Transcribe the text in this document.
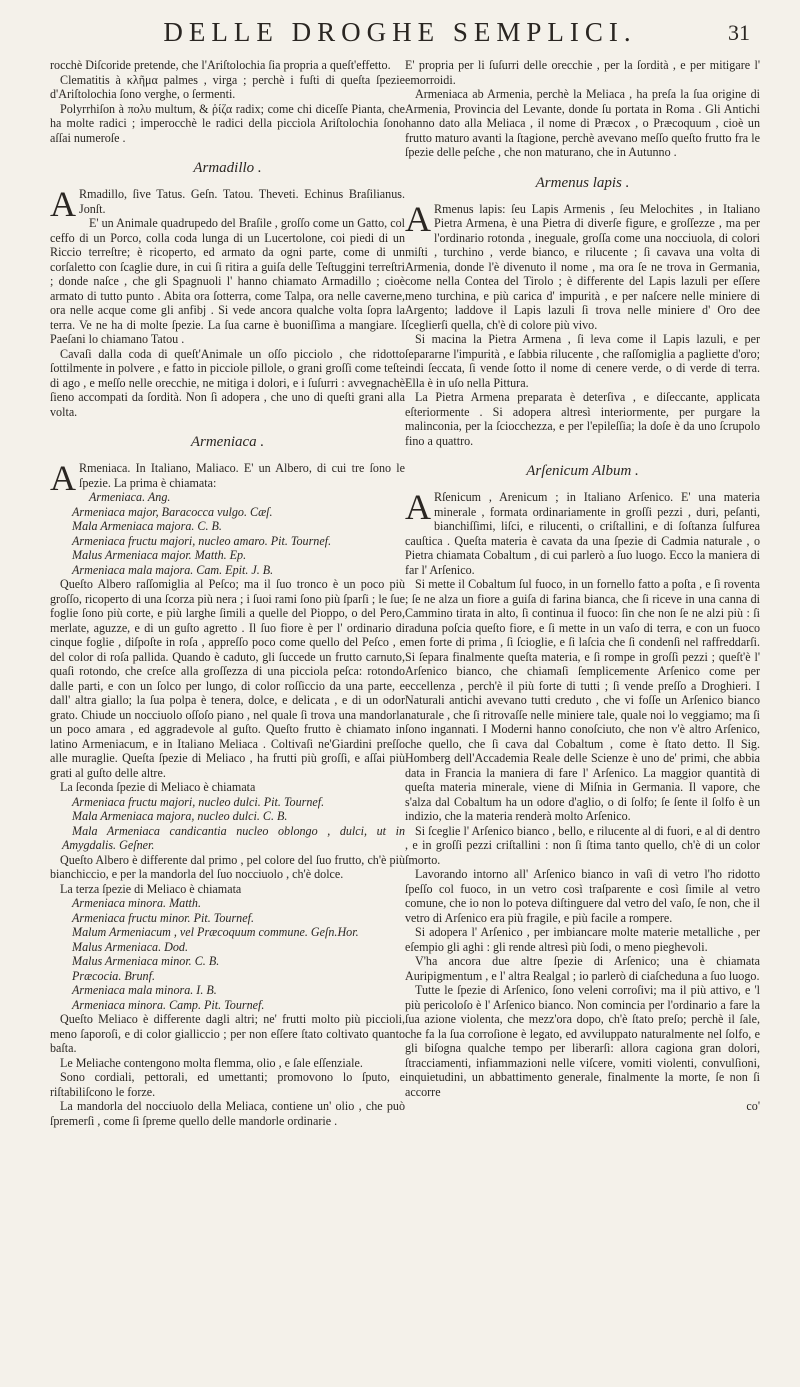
DELLE DROGHE SEMPLICI.	31

rocchè Diſcoride pretende, che l'Ariſtolochia ſia propria a queſt'effetto.

Clematitis à κλῆμα palmes , virga ; perchè i fuſti di queſta ſpezie d'Ariſtolochia ſono verghe, o ſermenti.

Polyrrhiſon à πολυ multum, & ῥίζα radix; come chi diceſſe Pianta, che ha molte radici ; imperocchè le radici della picciola Ariſtolochia ſono aſſai numeroſe .

Armadillo .

A Rmadillo, ſive Tatus. Geſn. Tatou. Theveti. Echinus Braſilianus. Jonſt.

E' un Animale quadrupedo del Braſile , groſſo come un Gatto, col ceffo di un Porco, colla coda lunga di un Lucertolone, coi piedi di un Riccio terreſtre; è ricoperto, ed armato da ogni parte, come di un corſaletto con ſcaglie dure, in cui ſi ritira a guiſa delle Teſtuggini terreſtri ; donde naſce , che gli Spagnuoli l' hanno chiamato Armadillo ; cioè armato di tutto punto . Abita ora ſotterra, come Talpa, ora nelle caverne, ora nelle acque come gli anfibj . Si vede ancora qualche volta ſopra la terra. Ve ne ha di molte ſpezie. La ſua carne è buoniſſima a mangiare. I Paeſani lo chiamano Tatou .

Cavaſi dalla coda di queſt'Animale un oſſo picciolo , che ridotto ſottilmente in polvere , e fatto in picciole pillole, o grani groſſi come teſte di ago , e meſſo nelle orecchie, ne mitiga i dolori, e i ſuſurri : avvegnachè ſieno accompati da ſordità. Non ſi adopera , che uno di queſti grani alla volta.

Armeniaca .

A Rmeniaca. In Italiano, Maliaco. E' un Albero, di cui tre ſono le ſpezie. La prima è chiamata:

Armeniaca. Ang.

Armeniaca major, Baracocca vulgo. Cæſ.

Mala Armeniaca majora. C. B.

Armeniaca fructu majori, nucleo amaro. Pit. Tournef.

Malus Armeniaca major. Matth. Ep.

Armeniaca mala majora. Cam. Epit. J. B.

Queſto Albero raſſomiglia al Peſco; ma il ſuo tronco è un poco più groſſo, ricoperto di una ſcorza più nera ; i ſuoi rami ſono più ſparſi ; le ſue foglie ſono più corte, e più larghe ſimili a quelle del Pioppo, o del Pero, merlate, aguzze, e di un guſto agretto . Il ſuo fiore è per l' ordinario di cinque foglie , diſpoſte in roſa , appreſſo poco come quello del Peſco , e del color di roſa pallida. Quando è caduto, gli ſuccede un frutto carnuto, quaſi rotondo, che creſce alla groſſezza di una picciola peſca: rotondo dalle parti, e con un ſolco per lungo, di color roſſiccio da una parte, e dall' altra giallo; la ſua polpa è tenera, dolce, e delicata , e di un odor grato. Chiude un nocciuolo oſſoſo piano , nel quale ſi trova una mandorla un poco amara , ed aggradevole al guſto. Queſto frutto è chiamato in latino Armeniacum, e in Italiano Meliaca . Coltivaſi ne'Giardini preſſo alle muraglie. Queſta ſpezie di Meliaco , ha frutti più groſſi, e aſſai più grati al guſto delle altre.

La ſeconda ſpezie di Meliaco è chiamata

Armeniaca fructu majori, nucleo dulci. Pit. Tournef.

Mala Armeniaca majora, nucleo dulci. C. B.

Mala Armeniaca candicantia nucleo oblongo , dulci, ut in Amygdalis. Geſner.

Queſto Albero è differente dal primo , pel colore del ſuo frutto, ch'è più bianchiccio, e per la mandorla del ſuo nocciuolo , ch'è dolce.

La terza ſpezie di Meliaco è chiamata

Armeniaca minora. Matth.

Armeniaca fructu minor. Pit. Tournef.

Malum Armeniacum , vel Præcoquum commune. Geſn.Hor.

Malus Armeniaca. Dod.

Malus Armeniaca minor. C. B.

Præcocia. Brunf.

Armeniaca mala minora. I. B.

Armeniaca minora. Camp. Pit. Tournef.

Queſto Meliaco è differente dagli altri; ne' frutti molto più piccioli, meno ſaporoſi, e di color gialliccio ; per non eſſere ſtato coltivato quanto baſta.

Le Meliache contengono molta flemma, olio , e ſale eſſenziale.

Sono cordiali, pettorali, ed umettanti; promovono lo ſputo, e riſtabiliſcono le forze.

La mandorla del nocciuolo della Meliaca, contiene un' olio , che può ſpremerſi , come ſi ſpreme quello delle mandorle ordinarie .

E' propria per li ſuſurri delle orecchie , per la ſordità , e per mitigare l' emorroidi.

Armeniaca ab Armenia, perchè la Meliaca , ha preſa la ſua origine di Armenia, Provincia del Levante, donde ſu portata in Roma . Gli Antichi hanno dato alla Meliaca , il nome di Præcox , o Præcoquum , cioè un frutto maturo avanti la ſtagione, perchè avevano meſſo queſto frutto fra le ſpezie delle peſche , che non maturano, che in Autunno .

Armenus lapis .

A Rmenus lapis: ſeu Lapis Armenis , ſeu Melochites , in Italiano Pietra Armena, è una Pietra di diverſe figure, e groſſezze , ma per l'ordinario rotonda , ineguale, groſſa come una nocciuola, di colori miſti , turchino , verde bianco, e rilucente ; ſi cavava una volta di Armenia, donde l'è divenuto il nome , ma ora ſe ne trova in Germania, come nella Contea del Tirolo ; è differente del Lapis lazuli per eſſere meno turchina, e più carica d' impurità , e per naſcere nelle miniere di Argento; laddove il Lapis lazuli ſi trova nelle miniere d' Oro dee ſceglierſi quella, ch'è di colore più vivo.

Si macina la Pietra Armena , ſi leva come il Lapis lazuli, e per ſepararne l'impurità , e ſabbia rilucente , che raſſomiglia a pagliette d'oro; indi ſeccata, ſi vende ſotto il nome di cenere verde, o di verde di terra. Ella è in uſo nella Pittura.

La Pietra Armena preparata è deterſiva , e diſeccante, applicata eſteriormente . Si adopera altresì interiormente, per purgare la malinconia, per la ſciocchezza, e per l'epileſſia; la doſe è da uno ſcrupolo fino a quattro.

Arſenicum Album .

A Rſenicum , Arenicum ; in Italiano Arſenico. E' una materia minerale , formata ordinariamente in groſſi pezzi , duri, peſanti, bianchiſſimi, liſci, e rilucenti, o criſtallini, e di ſoſtanza ſulfurea cauſtica . Queſta materia è cavata da una ſpezie di Cadmia naturale , o Pietra chiamata Cobaltum , di cui parlerò a ſuo luogo. Ecco la maniera di far l' Arſenico.

Si mette il Cobaltum ſul fuoco, in un fornello fatto a poſta , e ſi roventa ; ſe ne alza un fiore a guiſa di farina bianca, che ſi riceve in una canna di Cammino tirata in alto, ſi continua il fuoco: ſin che non ſe ne alzi più : ſi raduna poſcia queſto fiore, e ſi mette in un vaſo di terra, e con un fuoco men forte di prima , ſi ſcioglie, e ſi laſcia che ſi condenſi nel raffreddarſi. Si ſepara finalmente queſta materia, e ſi rompe in groſſi pezzi ; queſt'è l' Arſenico bianco, che chiamaſi ſemplicemente Arſenico come per eccellenza , perch'è il più forte di tutti ; ſi vende preſſo a Droghieri. I Naturali antichi avevano tutti creduto , che vi foſſe un Arſenico bianco naturale , che ſi ritrovaſſe nelle miniere tale, quale noi lo veggiamo; ma ſi ſono ingannati. I Moderni hanno conoſciuto, che non v'è altro Arſenico, che quello, che ſi cava dal Cobaltum , come è ſtato detto. Il Sig. Homberg dell'Accademia Reale delle Scienze è uno de' primi, che abbia data in Francia la maniera di fare l' Arſenico. La maggior quantità di queſta materia minerale, viene di Miſnia in Germania. Il vapore, che s'alza dal Cobaltum ha un odore d'aglio, o di ſolfo; ſe ſente il ſolfo è un indizio, che la materia renderà molto Arſenico.

Si ſceglie l' Arſenico bianco , bello, e rilucente al di fuori, e al di dentro , e in groſſi pezzi criſtallini : non ſi ſtima tanto quello, ch'è di un color ſmorto.

Lavorando intorno all' Arſenico bianco in vaſi di vetro l'ho ridotto ſpeſſo col fuoco, in un vetro così traſparente e così ſimile al vetro comune, che io non lo poteva diſtinguere dal vetro del vaſo, ſe non, che il vetro di Arſenico era più fragile, e più facile a rompere.

Si adopera l' Arſenico , per imbiancare molte materie metalliche , per eſempio gli aghi : gli rende altresì più ſodi, o meno pieghevoli.

V'ha ancora due altre ſpezie di Arſenico; una è chiamata Auripigmentum , e l' altra Realgal ; io parlerò di ciaſcheduna a ſuo luogo.

Tutte le ſpezie di Arſenico, ſono veleni corroſivi; ma il più attivo, e 'l più pericoloſo è l' Arſenico bianco. Non comincia per l'ordinario a fare la ſua azione violenta, che mezz'ora dopo, ch'è ſtato preſo; perchè il ſale, che fa la ſua corroſione è legato, ed avviluppato naturalmente nel ſolfo, e gli biſogna qualche tempo per liberarſi: allora cagiona gran dolori, ſtracciamenti, infiammazioni nelle viſcere, vomiti violenti, convulſioni, inquietudini, un abbattimento generale, finalmente la morte, ſe non ſi accorre

co'
